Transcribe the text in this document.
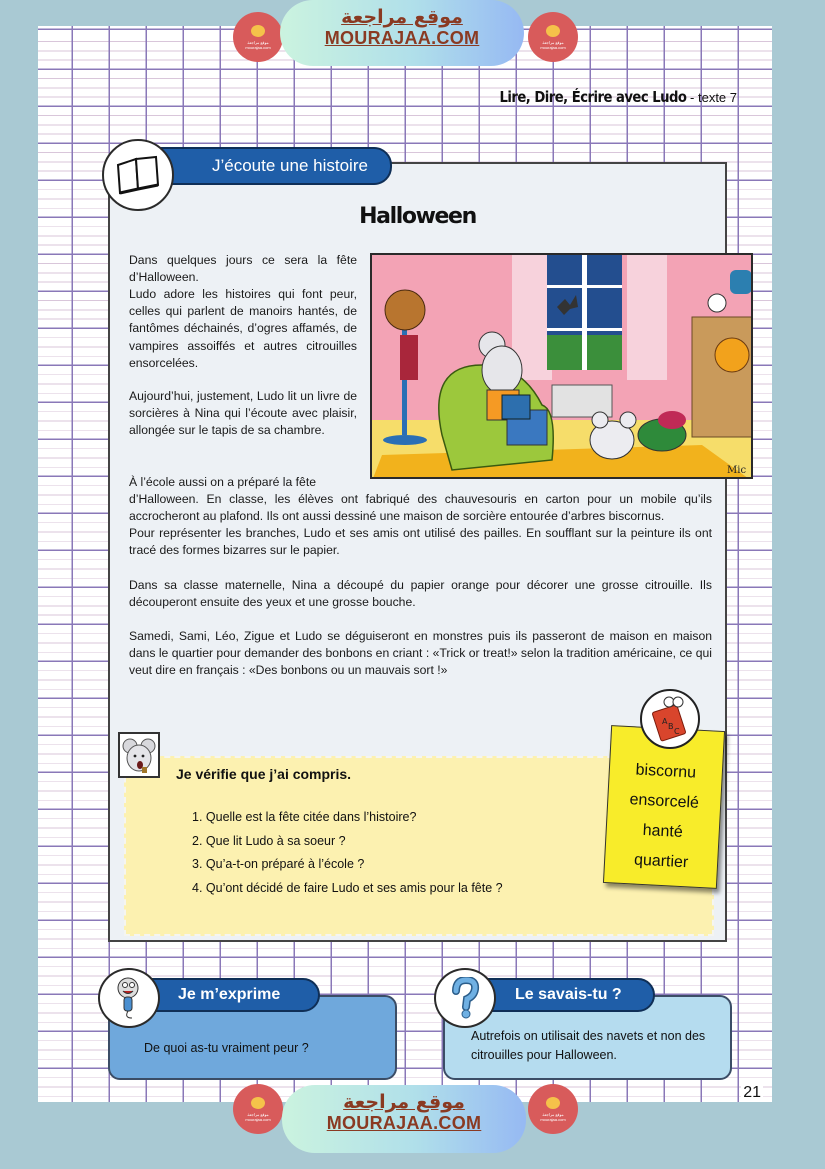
موقع مراجعة
mourajaa.com
موقع مراجعة
MOURAJAA.COM	موقع مراجعة
mourajaa.com
Lire, Dire, Écrire avec Ludo - texte 7
Halloween

Dans quelques jours ce sera la fête d’Halloween.

Ludo adore les histoires qui font peur, celles qui parlent de manoirs hantés, de fantômes déchainés, d’ogres affamés, de vampires assoiffés et autres citrouilles ensorcelées.

Aujourd’hui, justement, Ludo lit un livre de sorcières à Nina qui l’écoute avec plaisir, allongée sur le tapis de sa chambre.

À l’école aussi on a préparé la fête

d’Halloween. En classe, les élèves ont fabriqué des chauvesouris en carton pour un mobile qu’ils accrocheront au plafond. Ils ont aussi dessiné une maison de sorcière entourée d’arbres biscornus.

Pour représenter les branches, Ludo et ses amis ont utilisé des pailles. En soufflant sur la peinture ils ont tracé des formes bizarres sur le papier.

Dans sa classe maternelle, Nina a découpé du papier orange pour décorer une grosse citrouille. Ils découperont ensuite des yeux et une grosse bouche.

Samedi, Sami, Léo, Zigue et Ludo se déguiseront en monstres puis ils passeront de maison en maison dans le quartier pour demander des bonbons en criant : «Trick or treat!» selon la tradition américaine, ce qui veut dire en français : «Des bonbons ou un mauvais sort !»

Mic
Je vérifie que j’ai compris.
1. Quelle est la fête citée dans l’histoire?
2. Que lit Ludo à sa soeur ?
3. Qu’a-t-on préparé à l’école ?
4. Qu’ont décidé de faire Ludo et ses amis pour la fête ?
J’écoute une histoire
biscornu
ensorcelé
hanté
quartier
A
B
C
De quoi as-tu vraiment peur ?
Je m’exprime
Autrefois on utilisait des navets et non des citrouilles pour Halloween.
Le savais-tu ?
21
موقع مراجعة
mourajaa.com
موقع مراجعة
MOURAJAA.COM	موقع مراجعة
mourajaa.com
